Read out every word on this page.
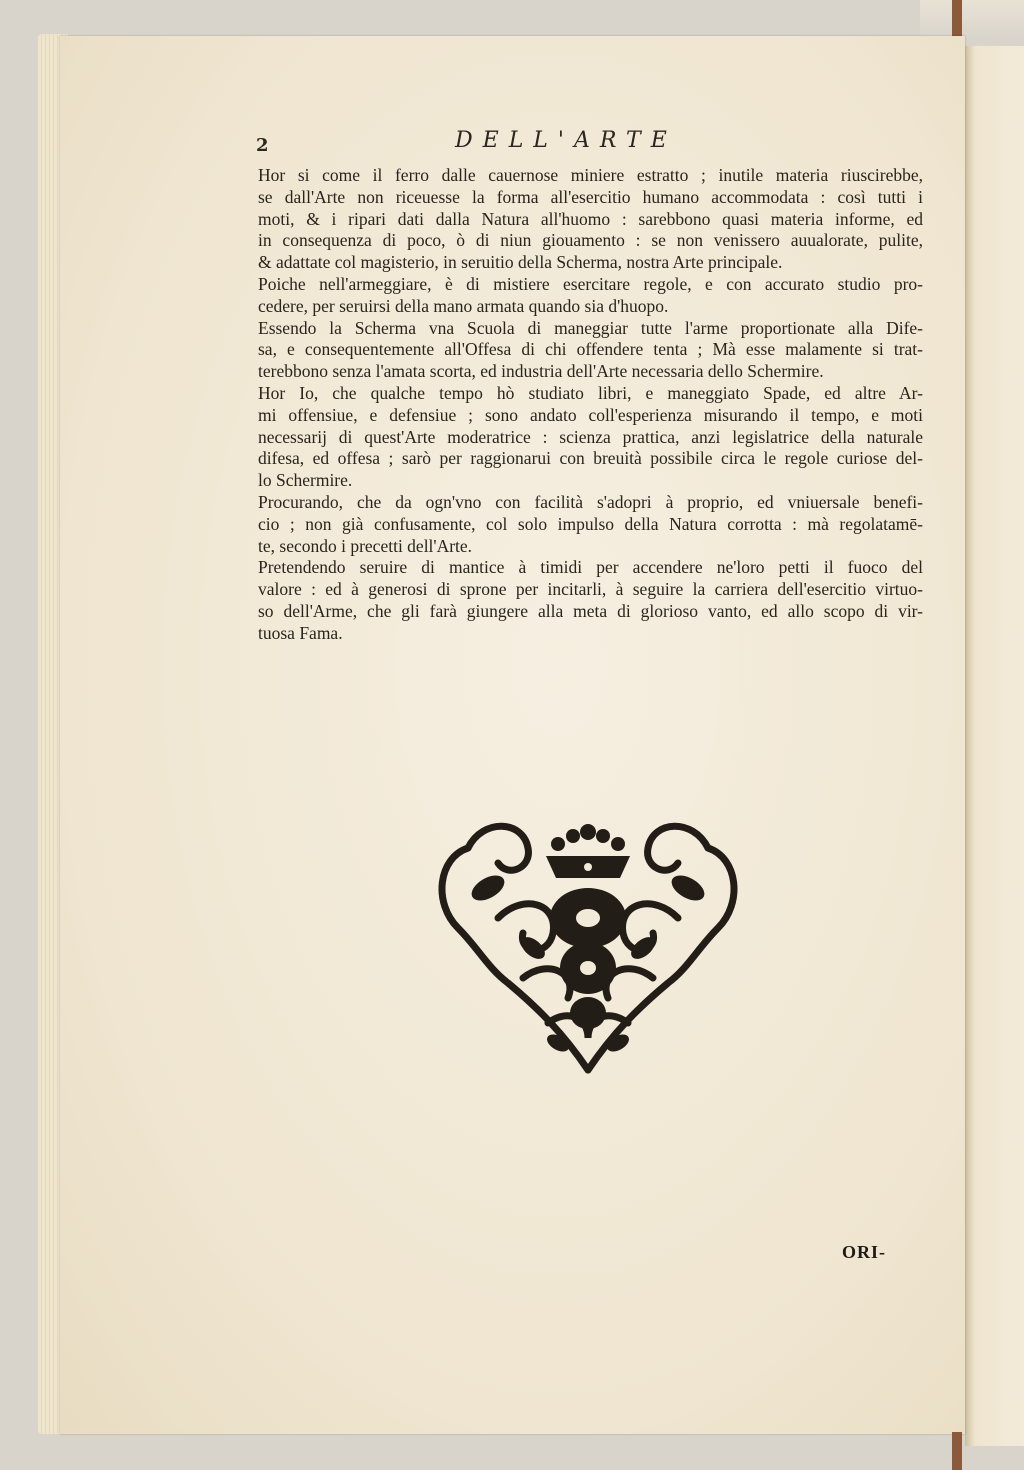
2	DELL'ARTE

Hor si come il ferro dalle cauernose miniere estratto ; inutile materia riuscirebbe,
se dall'Arte non riceuesse la forma all'esercitio humano accommodata : così tutti i
moti, & i ripari dati dalla Natura all'huomo : sarebbono quasi materia informe, ed
in consequenza di poco, ò di niun giouamento : se non venissero auualorate, pulite,
& adattate col magisterio, in seruitio della Scherma, nostra Arte principale.

Poiche nell'armeggiare, è di mistiere esercitare regole, e con accurato studio pro-
cedere, per seruirsi della mano armata quando sia d'huopo.

Essendo la Scherma vna Scuola di maneggiar tutte l'arme proportionate alla Dife-
sa, e consequentemente all'Offesa di chi offendere tenta ; Mà esse malamente si trat-
terebbono senza l'amata scorta, ed industria dell'Arte necessaria dello Schermire.

Hor Io, che qualche tempo hò studiato libri, e maneggiato Spade, ed altre Ar-
mi offensiue, e defensiue ; sono andato coll'esperienza misurando il tempo, e moti
necessarij di quest'Arte moderatrice : scienza prattica, anzi legislatrice della naturale
difesa, ed offesa ; sarò per raggionarui con breuità possibile circa le regole curiose del-
lo Schermire.

Procurando, che da ogn'vno con facilità s'adopri à proprio, ed vniuersale benefi-
cio ; non già confusamente, col solo impulso della Natura corrotta : mà regolatamē-
te, secondo i precetti dell'Arte.

Pretendendo seruire di mantice à timidi per accendere ne'loro petti il fuoco del
valore : ed à generosi di sprone per incitarli, à seguire la carriera dell'esercitio virtuo-
so dell'Arme, che gli farà giungere alla meta di glorioso vanto, ed allo scopo di vir-
tuosa Fama.

ORI-
